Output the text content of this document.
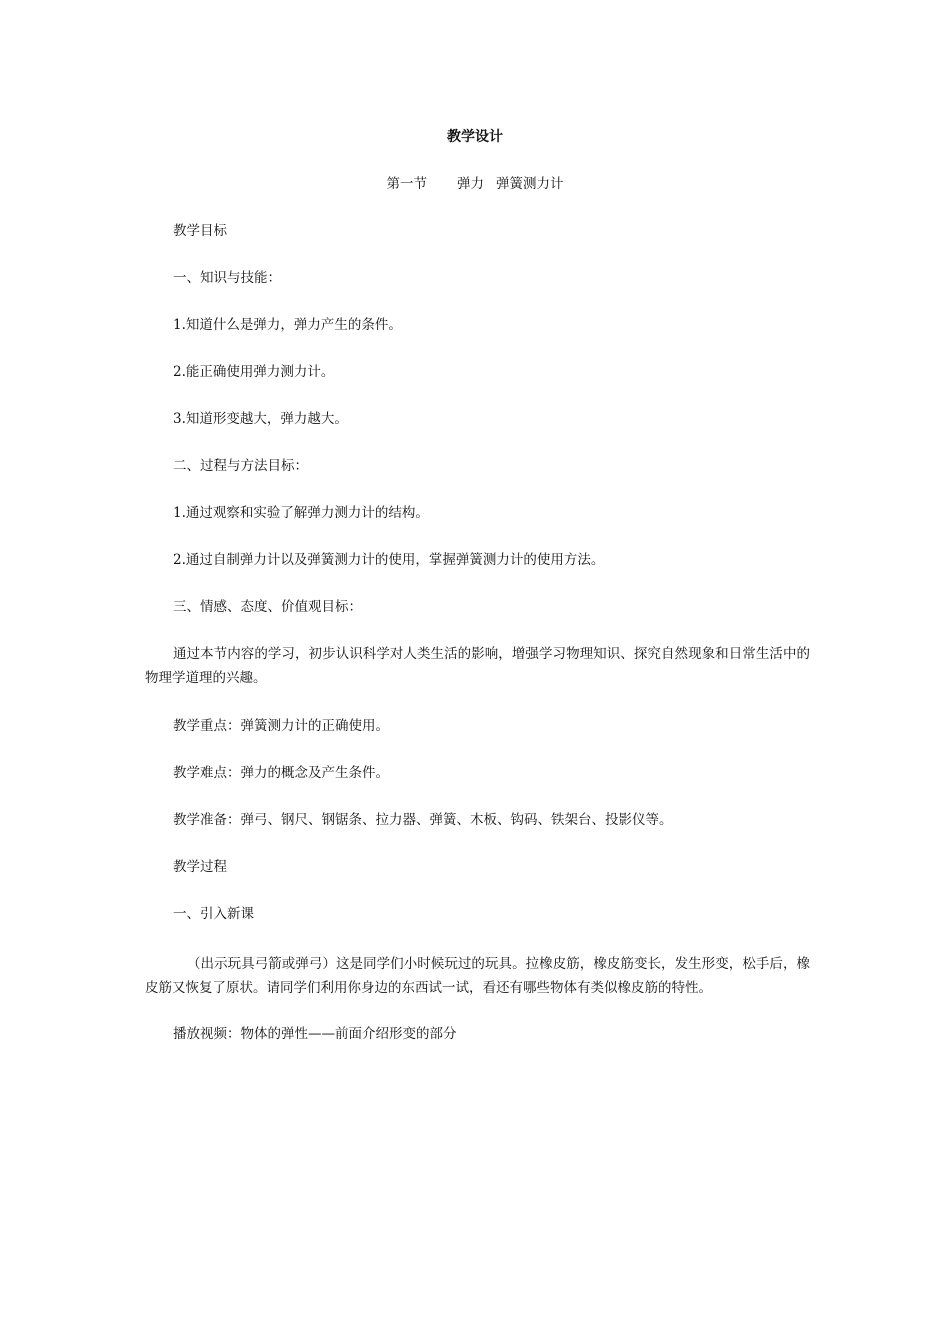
教学设计
第一节 弹力 弹簧测力计
教学目标
一、知识与技能：
1.知道什么是弹力，弹力产生的条件。
2.能正确使用弹力测力计。
3.知道形变越大，弹力越大。
二、过程与方法目标：
1.通过观察和实验了解弹力测力计的结构。
2.通过自制弹力计以及弹簧测力计的使用，掌握弹簧测力计的使用方法。
三、情感、态度、价值观目标：
通过本节内容的学习，初步认识科学对人类生活的影响，增强学习物理知识、探究自然现象和日常生活中的物理学道理的兴趣。
教学重点：弹簧测力计的正确使用。
教学难点：弹力的概念及产生条件。
教学准备：弹弓、钢尺、钢锯条、拉力器、弹簧、木板、钩码、铁架台、投影仪等。
教学过程
一、引入新课
（出示玩具弓箭或弹弓）这是同学们小时候玩过的玩具。拉橡皮筋，橡皮筋变长，发生形变，松手后，橡皮筋又恢复了原状。请同学们利用你身边的东西试一试，看还有哪些物体有类似橡皮筋的特性。
播放视频：物体的弹性——前面介绍形变的部分
